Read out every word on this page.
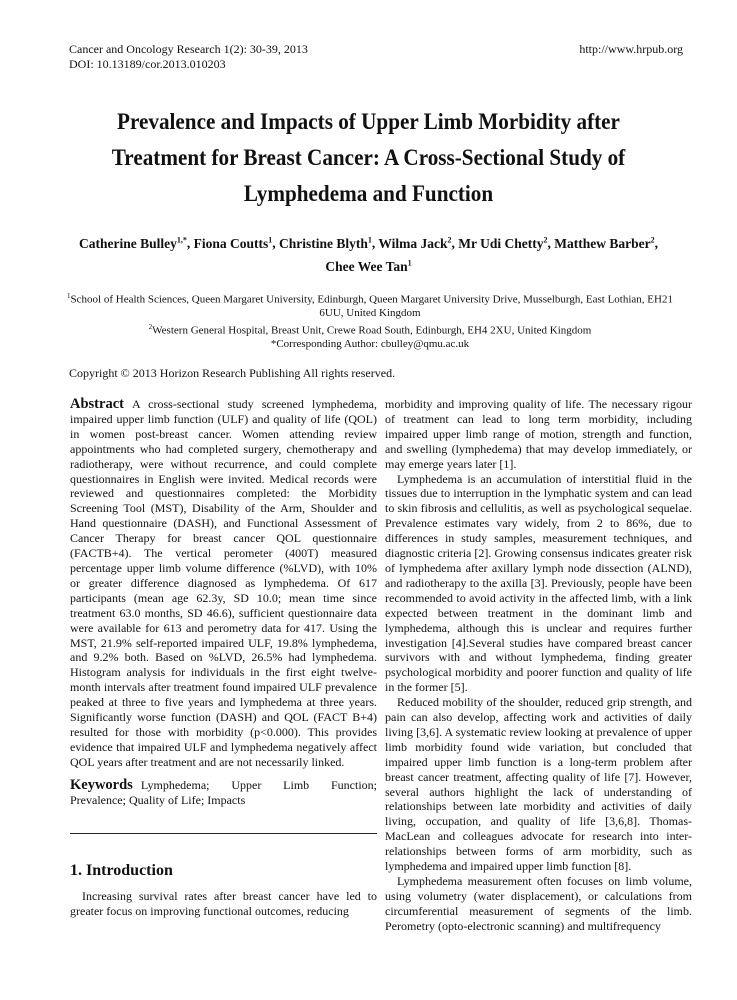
Cancer and Oncology Research 1(2): 30-39, 2013
DOI: 10.13189/cor.2013.010203
http://www.hrpub.org
Prevalence and Impacts of Upper Limb Morbidity after Treatment for Breast Cancer: A Cross-Sectional Study of Lymphedema and Function
Catherine Bulley$^{1,*}$, Fiona Coutts$^1$, Christine Blyth$^1$, Wilma Jack$^2$, Mr Udi Chetty$^2$, Matthew Barber$^2$,
Chee Wee Tan$^1$
$^1$School of Health Sciences, Queen Margaret University, Edinburgh, Queen Margaret University Drive, Musselburgh, East Lothian, EH21 6UU, United Kingdom
$^2$Western General Hospital, Breast Unit, Crewe Road South, Edinburgh, EH4 2XU, United Kingdom
*Corresponding Author: cbulley@qmu.ac.uk
Copyright © 2013 Horizon Research Publishing All rights reserved.

Abstract A cross-sectional study screened lymphedema, impaired upper limb function (ULF) and quality of life (QOL) in women post-breast cancer. Women attending review appointments who had completed surgery, chemotherapy and radiotherapy, were without recurrence, and could complete questionnaires in English were invited. Medical records were reviewed and questionnaires completed: the Morbidity Screening Tool (MST), Disability of the Arm, Shoulder and Hand questionnaire (DASH), and Functional Assessment of Cancer Therapy for breast cancer QOL questionnaire (FACTB+4). The vertical perometer (400T) measured percentage upper limb volume difference (%LVD), with 10% or greater difference diagnosed as lymphedema. Of 617 participants (mean age 62.3y, SD 10.0; mean time since treatment 63.0 months, SD 46.6), sufficient questionnaire data were available for 613 and perometry data for 417. Using the MST, 21.9% self-reported impaired ULF, 19.8% lymphedema, and 9.2% both. Based on %LVD, 26.5% had lymphedema. Histogram analysis for individuals in the first eight twelve-month intervals after treatment found impaired ULF prevalence peaked at three to five years and lymphedema at three years. Significantly worse function (DASH) and QOL (FACT B+4) resulted for those with morbidity (p<0.000). This provides evidence that impaired ULF and lymphedema negatively affect QOL years after treatment and are not necessarily linked.

Keywords Lymphedema; Upper Limb Function; Prevalence; Quality of Life; Impacts

1. Introduction

Increasing survival rates after breast cancer have led to greater focus on improving functional outcomes, reducing

morbidity and improving quality of life. The necessary rigour of treatment can lead to long term morbidity, including impaired upper limb range of motion, strength and function, and swelling (lymphedema) that may develop immediately, or may emerge years later [1].

Lymphedema is an accumulation of interstitial fluid in the tissues due to interruption in the lymphatic system and can lead to skin fibrosis and cellulitis, as well as psychological sequelae. Prevalence estimates vary widely, from 2 to 86%, due to differences in study samples, measurement techniques, and diagnostic criteria [2]. Growing consensus indicates greater risk of lymphedema after axillary lymph node dissection (ALND), and radiotherapy to the axilla [3]. Previously, people have been recommended to avoid activity in the affected limb, with a link expected between treatment in the dominant limb and lymphedema, although this is unclear and requires further investigation [4].Several studies have compared breast cancer survivors with and without lymphedema, finding greater psychological morbidity and poorer function and quality of life in the former [5].

Reduced mobility of the shoulder, reduced grip strength, and pain can also develop, affecting work and activities of daily living [3,6]. A systematic review looking at prevalence of upper limb morbidity found wide variation, but concluded that impaired upper limb function is a long-term problem after breast cancer treatment, affecting quality of life [7]. However, several authors highlight the lack of understanding of relationships between late morbidity and activities of daily living, occupation, and quality of life [3,6,8]. Thomas-MacLean and colleagues advocate for research into inter-relationships between forms of arm morbidity, such as lymphedema and impaired upper limb function [8].

Lymphedema measurement often focuses on limb volume, using volumetry (water displacement), or calculations from circumferential measurement of segments of the limb. Perometry (opto-electronic scanning) and multifrequency
